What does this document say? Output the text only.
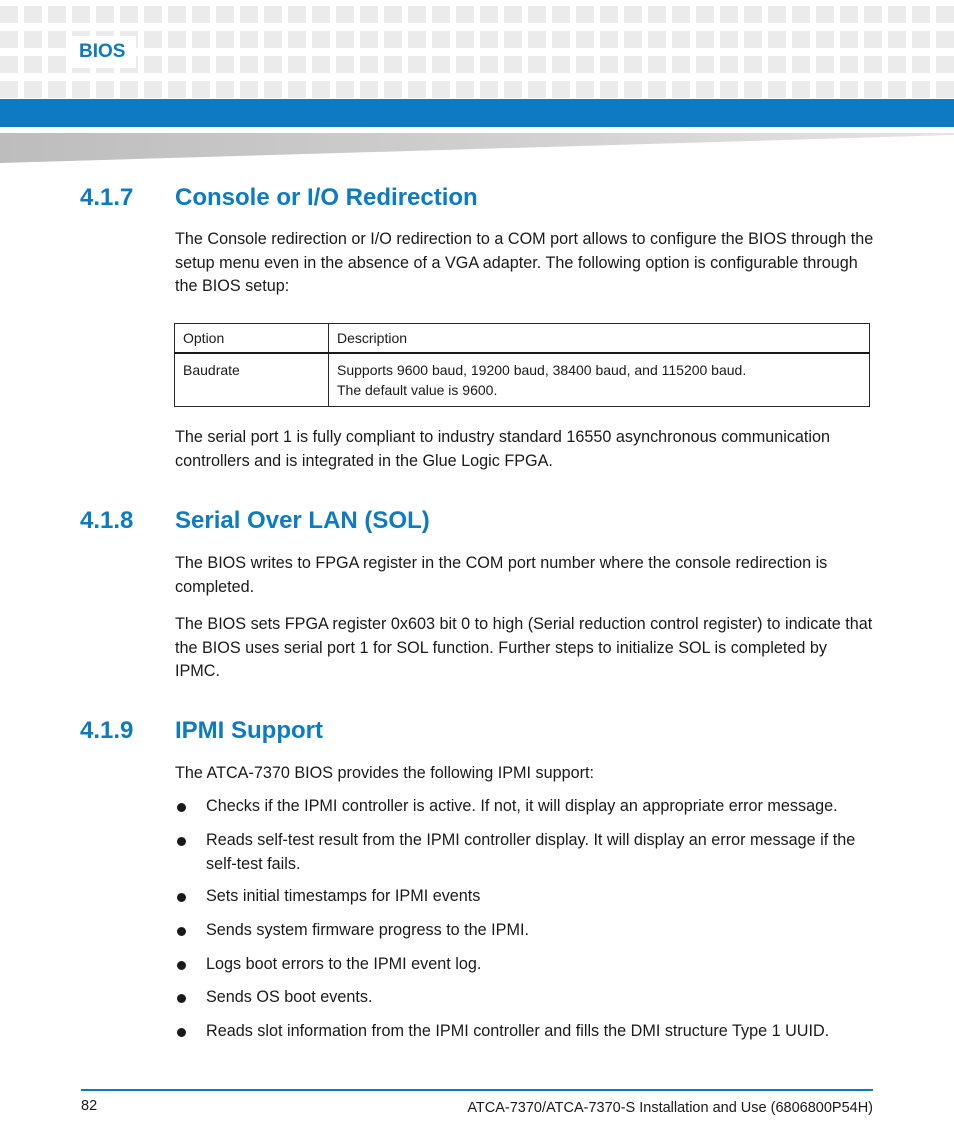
BIOS
4.1.7 Console or I/O Redirection

The Console redirection or I/O redirection to a COM port allows to configure the BIOS through the setup menu even in the absence of a VGA adapter. The following option is configurable through the BIOS setup:

Option	Description
Baudrate	Supports 9600 baud, 19200 baud, 38400 baud, and 115200 baud.
The default value is 9600.

The serial port 1 is fully compliant to industry standard 16550 asynchronous communication controllers and is integrated in the Glue Logic FPGA.

4.1.8 Serial Over LAN (SOL)

The BIOS writes to FPGA register in the COM port number where the console redirection is completed.

The BIOS sets FPGA register 0x603 bit 0 to high (Serial reduction control register) to indicate that the BIOS uses serial port 1 for SOL function. Further steps to initialize SOL is completed by IPMC.

4.1.9 IPMI Support

The ATCA-7370 BIOS provides the following IPMI support:

Checks if the IPMI controller is active. If not, it will display an appropriate error message.
Reads self-test result from the IPMI controller display. It will display an error message if the self-test fails.
Sets initial timestamps for IPMI events
Sends system firmware progress to the IPMI.
Logs boot errors to the IPMI event log.
Sends OS boot events.
Reads slot information from the IPMI controller and fills the DMI structure Type 1 UUID.
82	ATCA-7370/ATCA-7370-S Installation and Use (6806800P54H)
